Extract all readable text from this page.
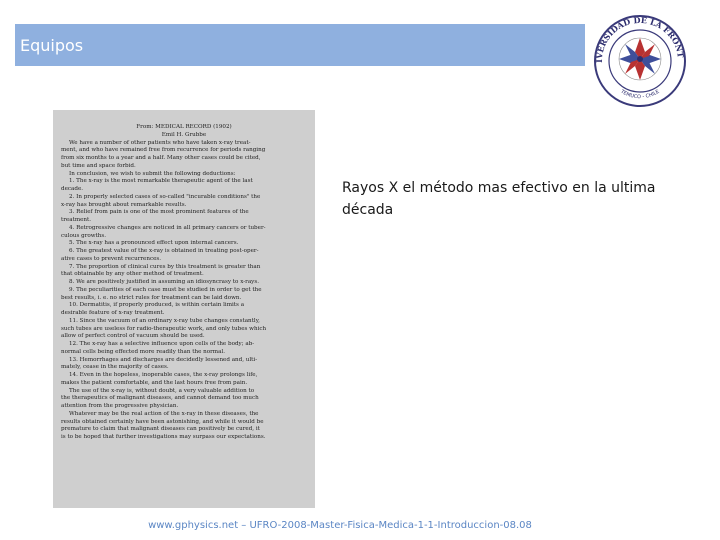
Equipos
IVERSIDAD DE LA FRONT
TEMUCO - CHILE
From: MEDICAL RECORD (1902)
Emil H. Grubbe
We have a number of other patients who have taken x-ray treat-
ment, and who have remained free from recurrence for periods ranging
from six months to a year and a half. Many other cases could be cited,
but time and space forbid.
In conclusion, we wish to submit the following deductions:
1. The x-ray is the most remarkable therapeutic agent of the last
decade.
2. In properly selected cases of so-called "incurable conditions" the
x-ray has brought about remarkable results.
3. Relief from pain is one of the most prominent features of the
treatment.
4. Retrogressive changes are noticed in all primary cancers or tuber-
culous growths.
5. The x-ray has a pronounced effect upon internal cancers.
6. The greatest value of the x-ray is obtained in treating post-oper-
ative cases to prevent recurrences.
7. The proportion of clinical cures by this treatment is greater than
that obtainable by any other method of treatment.
8. We are positively justified in assuming an idiosyncrasy to x-rays.
9. The peculiarities of each case must be studied in order to get the
best results, i. e. no strict rules for treatment can be laid down.
10. Dermatitis, if properly produced, is within certain limits a
desirable feature of x-ray treatment.
11. Since the vacuum of an ordinary x-ray tube changes constantly,
such tubes are useless for radio-therapeutic work, and only tubes which
allow of perfect control of vacuum should be used.
12. The x-ray has a selective influence upon cells of the body; ab-
normal cells being effected more readily than the normal.
13. Hemorrhages and discharges are decidedly lessened and, ulti-
mately, cease in the majority of cases.
14. Even in the hopeless, inoperable cases, the x-ray prolongs life,
makes the patient comfortable, and the last hours free from pain.
The use of the x-ray is, without doubt, a very valuable addition to
the therapeutics of malignant diseases, and cannot demand too much
attention from the progressive physician.
Whatever may be the real action of the x-ray in these diseases, the
results obtained certainly have been astonishing, and while it would be
premature to claim that malignant diseases can positively be cured, it
is to be hoped that further investigations may surpass our expectations.
Rayos X el método mas efectivo en la ultima década
www.gphysics.net – UFRO-2008-Master-Fisica-Medica-1-1-Introduccion-08.08
